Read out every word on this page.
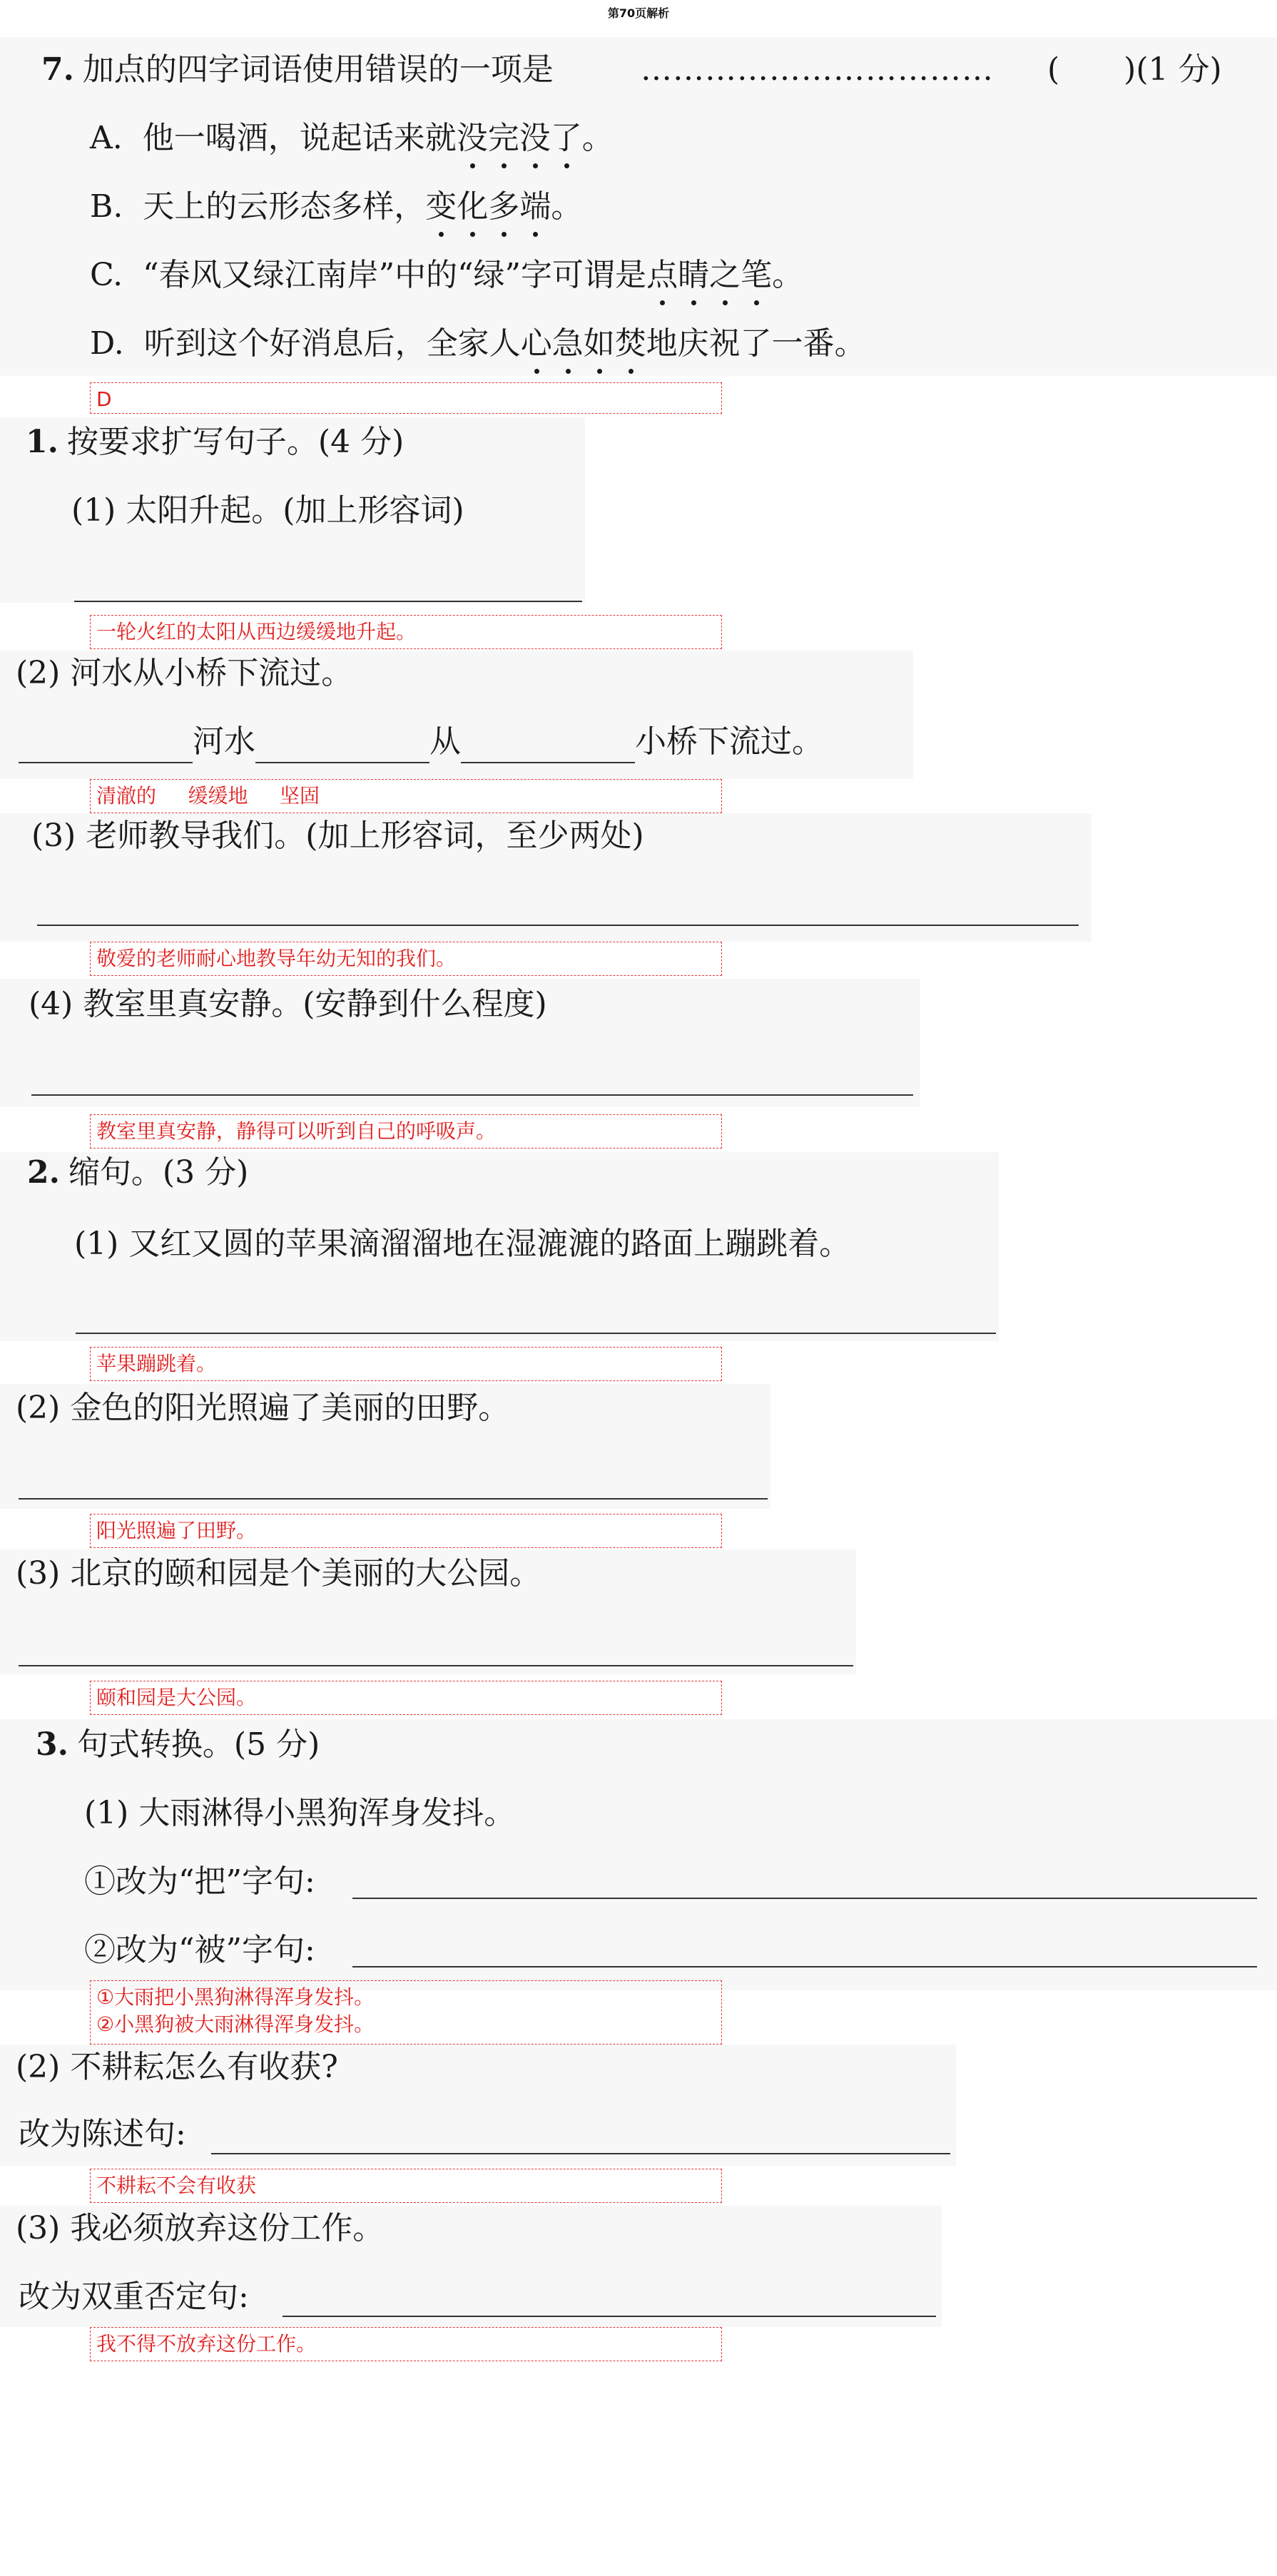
第70页解析
7. 加点的四字词语使用错误的一项是	…………………………… ( )(1 分)
A. 他一喝酒，说起话来就没完没了。
B. 天上的云形态多样，变化多端。
C. “春风又绿江南岸”中的“绿”字可谓是点睛之笔。
D. 听到这个好消息后，全家人心急如焚地庆祝了一番。
D
1. 按要求扩写句子。(4 分)
(1) 太阳升起。(加上形容词)
一轮火红的太阳从西边缓缓地升起。
(2) 河水从小桥下流过。
河水	从	小桥下流过。
清澈的     缓缓地     坚固
(3) 老师教导我们。(加上形容词，至少两处)
敬爱的老师耐心地教导年幼无知的我们。
(4) 教室里真安静。(安静到什么程度)
教室里真安静，静得可以听到自己的呼吸声。
2. 缩句。(3 分)
(1) 又红又圆的苹果滴溜溜地在湿漉漉的路面上蹦跳着。
苹果蹦跳着。
(2) 金色的阳光照遍了美丽的田野。
阳光照遍了田野。
(3) 北京的颐和园是个美丽的大公园。
颐和园是大公园。
3. 句式转换。(5 分)
(1) 大雨淋得小黑狗浑身发抖。
①改为“把”字句:
②改为“被”字句:
①大雨把小黑狗淋得浑身发抖。
②小黑狗被大雨淋得浑身发抖。
(2) 不耕耘怎么有收获?
改为陈述句:
不耕耘不会有收获
(3) 我必须放弃这份工作。
改为双重否定句:
我不得不放弃这份工作。
